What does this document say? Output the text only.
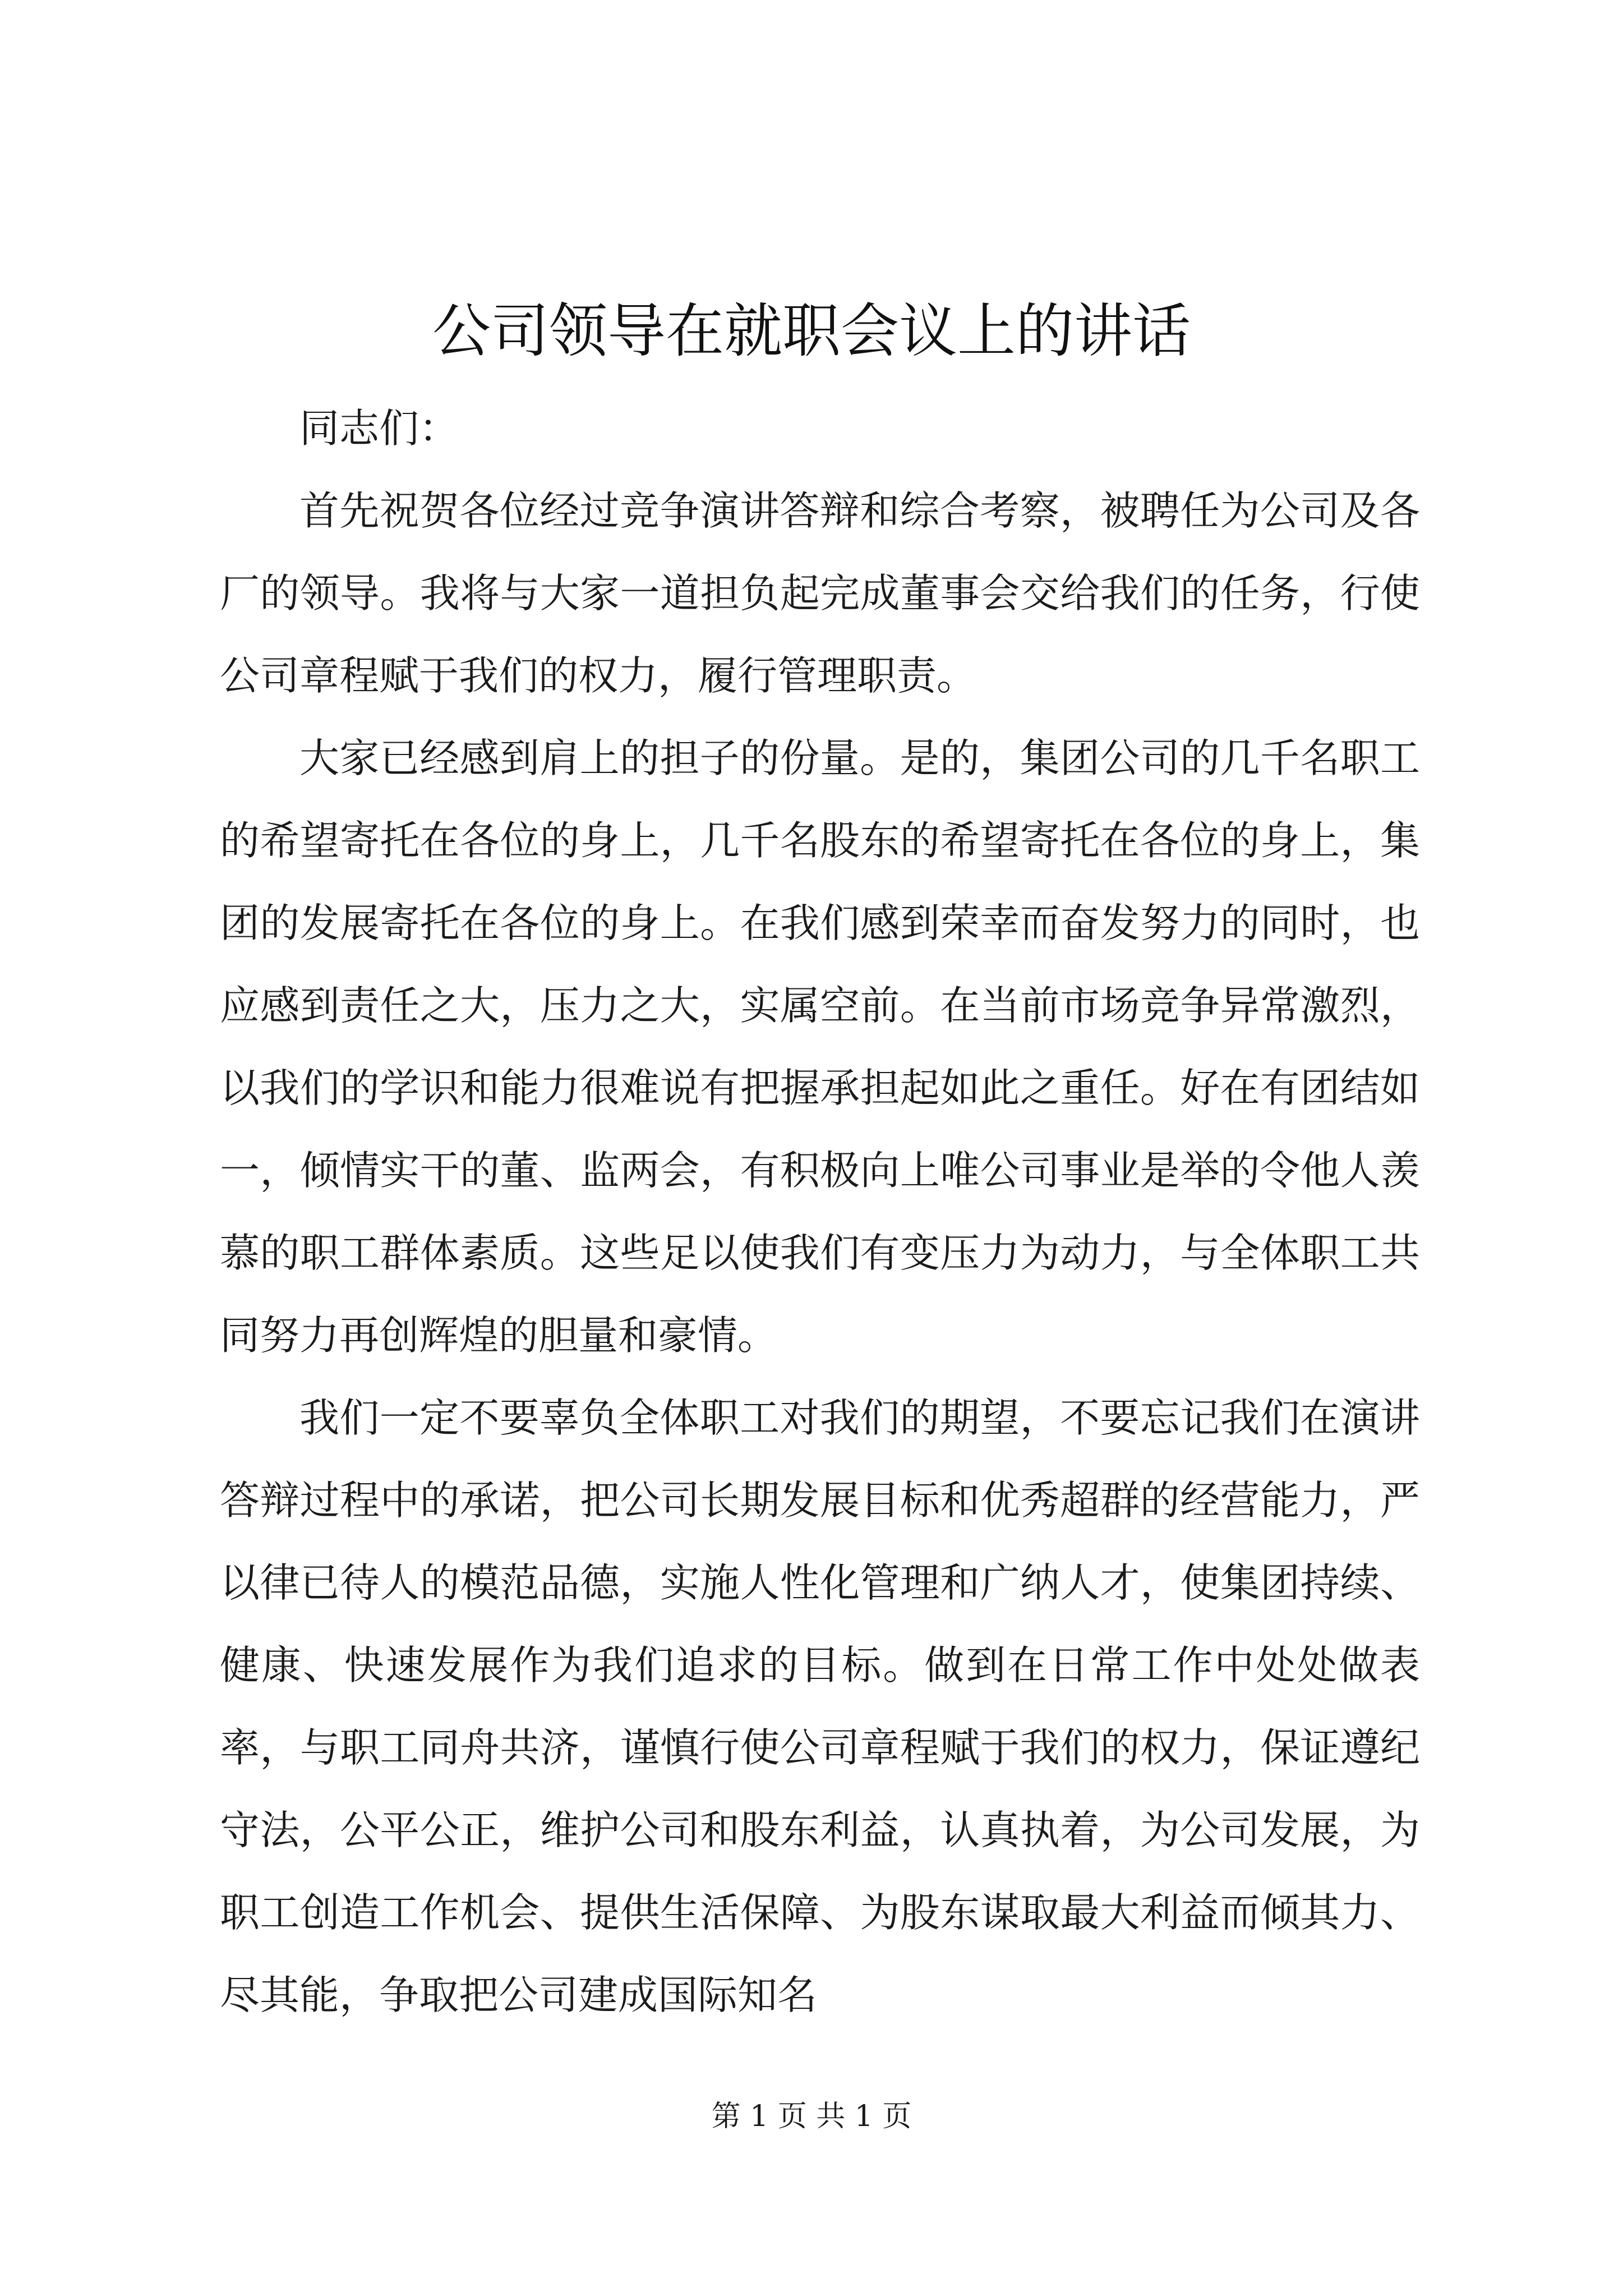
公司领导在就职会议上的讲话

同志们：

首先祝贺各位经过竞争演讲答辩和综合考察，被聘任为公司及各厂的领导。我将与大家一道担负起完成董事会交给我们的任务，行使公司章程赋于我们的权力，履行管理职责。

大家已经感到肩上的担子的份量。是的，集团公司的几千名职工的希望寄托在各位的身上，几千名股东的希望寄托在各位的身上，集团的发展寄托在各位的身上。在我们感到荣幸而奋发努力的同时，也应感到责任之大，压力之大，实属空前。在当前市场竞争异常激烈，以我们的学识和能力很难说有把握承担起如此之重任。好在有团结如一，倾情实干的董、监两会，有积极向上唯公司事业是举的令他人羡慕的职工群体素质。这些足以使我们有变压力为动力，与全体职工共同努力再创辉煌的胆量和豪情。

我们一定不要辜负全体职工对我们的期望，不要忘记我们在演讲答辩过程中的承诺，把公司长期发展目标和优秀超群的经营能力，严以律已待人的模范品德，实施人性化管理和广纳人才，使集团持续、健康、快速发展作为我们追求的目标。做到在日常工作中处处做表率，与职工同舟共济，谨慎行使公司章程赋于我们的权力，保证遵纪守法，公平公正，维护公司和股东利益，认真执着，为公司发展，为职工创造工作机会、提供生活保障、为股东谋取最大利益而倾其力、尽其能，争取把公司建成国际知名

第 1 页 共 1 页
